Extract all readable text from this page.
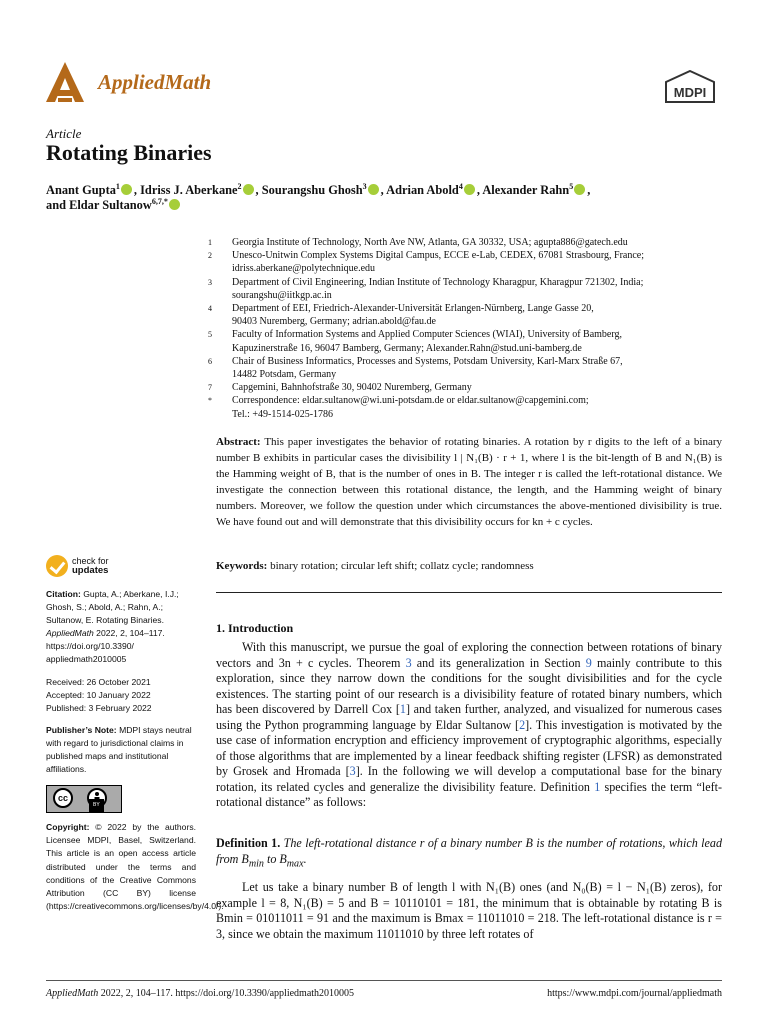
AppliedMath	MDPI
Article
Rotating Binaries
Anant Gupta$^1$ , Idriss J. Aberkane$^2$ , Sourangshu Ghosh$^3$ , Adrian Abold$^4$ , Alexander Rahn$^5$ ,
and Eldar Sultanow$^{6,7,*}$
1	Georgia Institute of Technology, North Ave NW, Atlanta, GA 30332, USA; agupta886@gatech.edu
2	Unesco-Unitwin Complex Systems Digital Campus, ECCE e-Lab, CEDEX, 67081 Strasbourg, France;
idriss.aberkane@polytechnique.edu
3	Department of Civil Engineering, Indian Institute of Technology Kharagpur, Kharagpur 721302, India;
sourangshu@iitkgp.ac.in
4	Department of EEI, Friedrich-Alexander-Universität Erlangen-Nürnberg, Lange Gasse 20,
90403 Nuremberg, Germany; adrian.abold@fau.de
5	Faculty of Information Systems and Applied Computer Sciences (WIAI), University of Bamberg,
Kapuzinerstraße 16, 96047 Bamberg, Germany; Alexander.Rahn@stud.uni-bamberg.de
6	Chair of Business Informatics, Processes and Systems, Potsdam University, Karl-Marx Straße 67,
14482 Potsdam, Germany
7	Capgemini, Bahnhofstraße 30, 90402 Nuremberg, Germany
*	Correspondence: eldar.sultanow@wi.uni-potsdam.de or eldar.sultanow@capgemini.com;
Tel.: +49-1514-025-1786
Abstract: This paper investigates the behavior of rotating binaries. A rotation by r digits to the left of a binary number B exhibits in particular cases the divisibility l | N₁(B) · r + 1, where l is the bit-length of B and N₁(B) is the Hamming weight of B, that is the number of ones in B. The integer r is called the left-rotational distance. We investigate the connection between this rotational distance, the length, and the Hamming weight of binary numbers. Moreover, we follow the question under which circumstances the above-mentioned divisibility is true. We have found out and will demonstrate that this divisibility occurs for kn + c cycles.
Keywords: binary rotation; circular left shift; collatz cycle; randomness
check for
updates
Citation: Gupta, A.; Aberkane, I.J.; Ghosh, S.; Abold, A.; Rahn, A.; Sultanow, E. Rotating Binaries. AppliedMath 2022, 2, 104–117.
https://doi.org/10.3390/
appliedmath2010005
Received: 26 October 2021
Accepted: 10 January 2022
Published: 3 February 2022
Publisher’s Note: MDPI stays neutral with regard to jurisdictional claims in published maps and institutional affiliations.
cc
BY
Copyright: © 2022 by the authors. Licensee MDPI, Basel, Switzerland. This article is an open access article distributed under the terms and conditions of the Creative Commons Attribution (CC BY) license (https://creativecommons.org/licenses/by/4.0/).
1. Introduction
With this manuscript, we pursue the goal of exploring the connection between rotations of binary vectors and 3n + c cycles. Theorem 3 and its generalization in Section 9 mainly contribute to this exploration, since they narrow down the conditions for the sought divisibilities and for the cycle existences. The starting point of our research is a divisibility feature of rotated binary numbers, which has been discovered by Darrell Cox [1] and taken further, analyzed, and visualized for numerous cases using the Python programming language by Eldar Sultanow [2]. This investigation is motivated by the use case of information encryption and efficiency improvement of cryptographic algorithms, especially of those algorithms that are implemented by a linear feedback shifting register (LFSR) as demonstrated by Grosek and Hromada [3]. In the following we will develop a computational base for the binary rotation, its related cycles and generalize the divisibility feature. Definition 1 specifies the term “left-rotational distance” as follows:
Definition 1. The left-rotational distance r of a binary number B is the number of rotations, which lead from $B_{min}$ to $B_{max}$.
Let us take a binary number B of length l with N₁(B) ones (and N₀(B) = l − N₁(B) zeros), for example l = 8, N₁(B) = 5 and B = 10110101 = 181, the minimum that is obtainable by rotating B is Bmin = 01011011 = 91 and the maximum is Bmax = 11011010 = 218. The left-rotational distance is r = 3, since we obtain the maximum 11011010 by three left rotates of
AppliedMath 2022, 2, 104–117. https://doi.org/10.3390/appliedmath2010005	https://www.mdpi.com/journal/appliedmath
